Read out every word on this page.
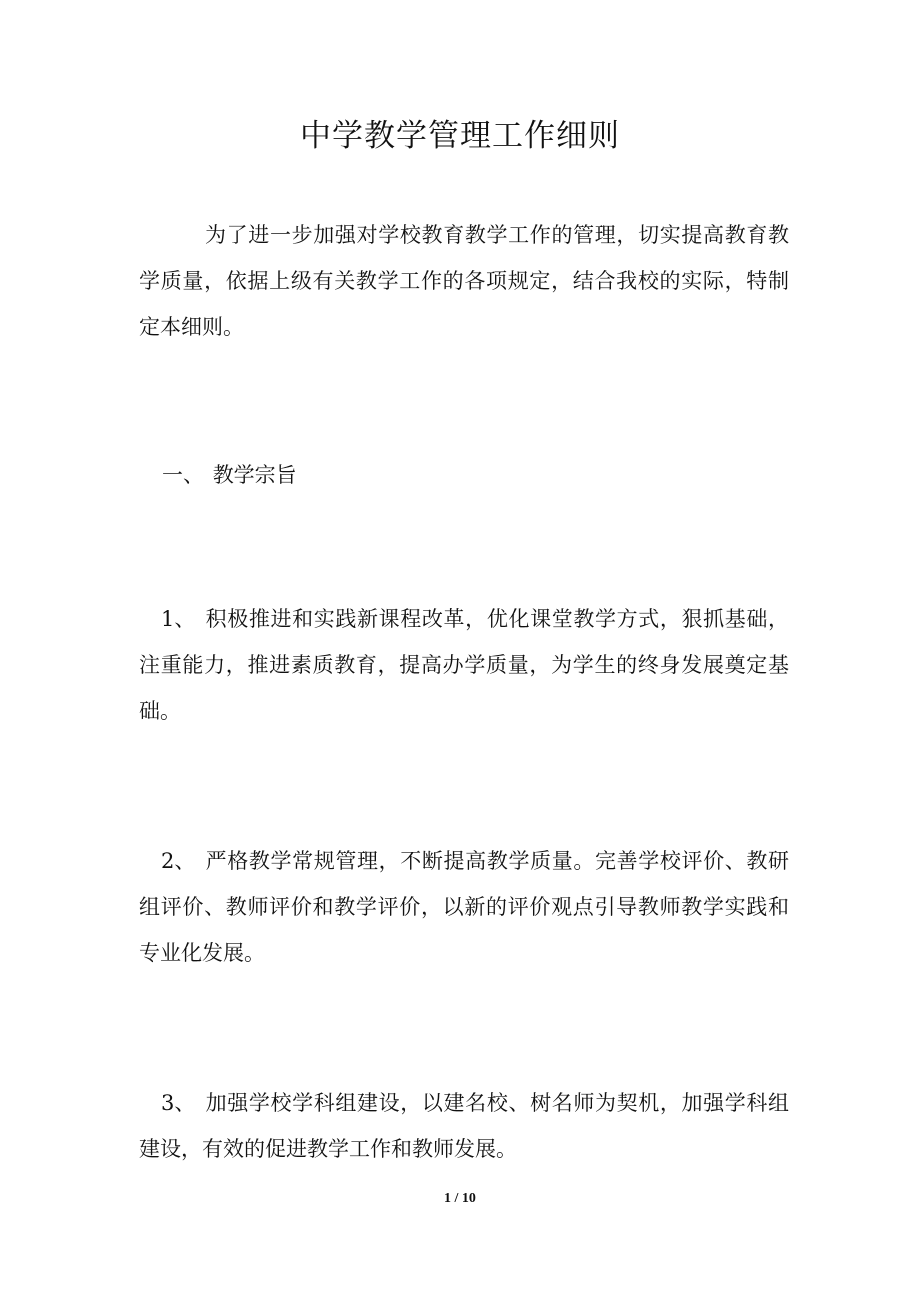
中学教学管理工作细则

为了进一步加强对学校教育教学工作的管理，切实提高教育教学质量，依据上级有关教学工作的各项规定，结合我校的实际，特制定本细则。

一、 教学宗旨

1、 积极推进和实践新课程改革，优化课堂教学方式，狠抓基础，注重能力，推进素质教育，提高办学质量，为学生的终身发展奠定基础。

2、 严格教学常规管理，不断提高教学质量。完善学校评价、教研组评价、教师评价和教学评价，以新的评价观点引导教师教学实践和专业化发展。

3、 加强学校学科组建设，以建名校、树名师为契机，加强学科组建设，有效的促进教学工作和教师发展。

1 / 10
